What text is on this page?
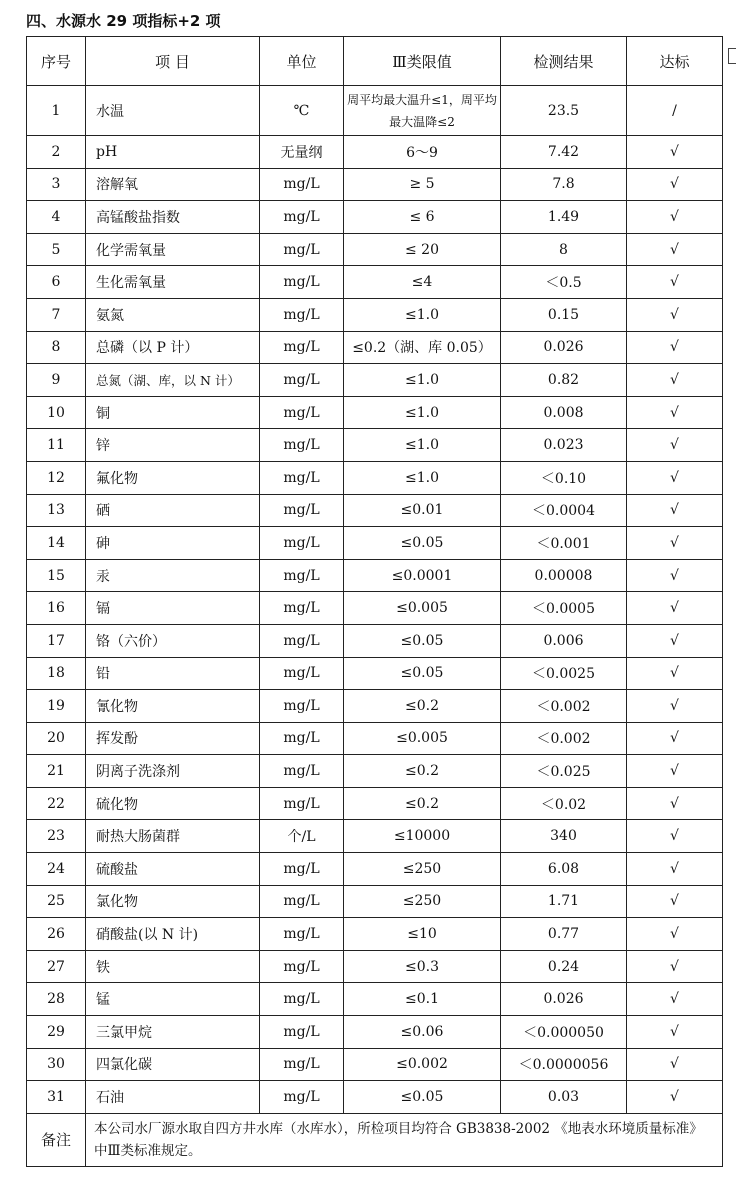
四、水源水 29 项指标+2 项
序号	项 目	单位	Ⅲ类限值	检测结果	达标
1	水温	℃	周平均最大温升≤1，周平均最大温降≤2	23.5	/
2	pH	无量纲	6～9	7.42	√
3	溶解氧	mg/L	≥ 5	7.8	√
4	高锰酸盐指数	mg/L	≤ 6	1.49	√
5	化学需氧量	mg/L	≤ 20	8	√
6	生化需氧量	mg/L	≤4	＜0.5	√
7	氨氮	mg/L	≤1.0	0.15	√
8	总磷（以 P 计）	mg/L	≤0.2（湖、库 0.05）	0.026	√
9	总氮（湖、库，以 N 计）	mg/L	≤1.0	0.82	√
10	铜	mg/L	≤1.0	0.008	√
11	锌	mg/L	≤1.0	0.023	√
12	氟化物	mg/L	≤1.0	＜0.10	√
13	硒	mg/L	≤0.01	＜0.0004	√
14	砷	mg/L	≤0.05	＜0.001	√
15	汞	mg/L	≤0.0001	0.00008	√
16	镉	mg/L	≤0.005	＜0.0005	√
17	铬（六价）	mg/L	≤0.05	0.006	√
18	铅	mg/L	≤0.05	＜0.0025	√
19	氰化物	mg/L	≤0.2	＜0.002	√
20	挥发酚	mg/L	≤0.005	＜0.002	√
21	阴离子洗涤剂	mg/L	≤0.2	＜0.025	√
22	硫化物	mg/L	≤0.2	＜0.02	√
23	耐热大肠菌群	个/L	≤10000	340	√
24	硫酸盐	mg/L	≤250	6.08	√
25	氯化物	mg/L	≤250	1.71	√
26	硝酸盐(以 N 计)	mg/L	≤10	0.77	√
27	铁	mg/L	≤0.3	0.24	√
28	锰	mg/L	≤0.1	0.026	√
29	三氯甲烷	mg/L	≤0.06	＜0.000050	√
30	四氯化碳	mg/L	≤0.002	＜0.0000056	√
31	石油	mg/L	≤0.05	0.03	√
备注	本公司水厂源水取自四方井水库（水库水），所检项目均符合 GB3838-2002 《地表水环境质量标准》中Ⅲ类标准规定。				
